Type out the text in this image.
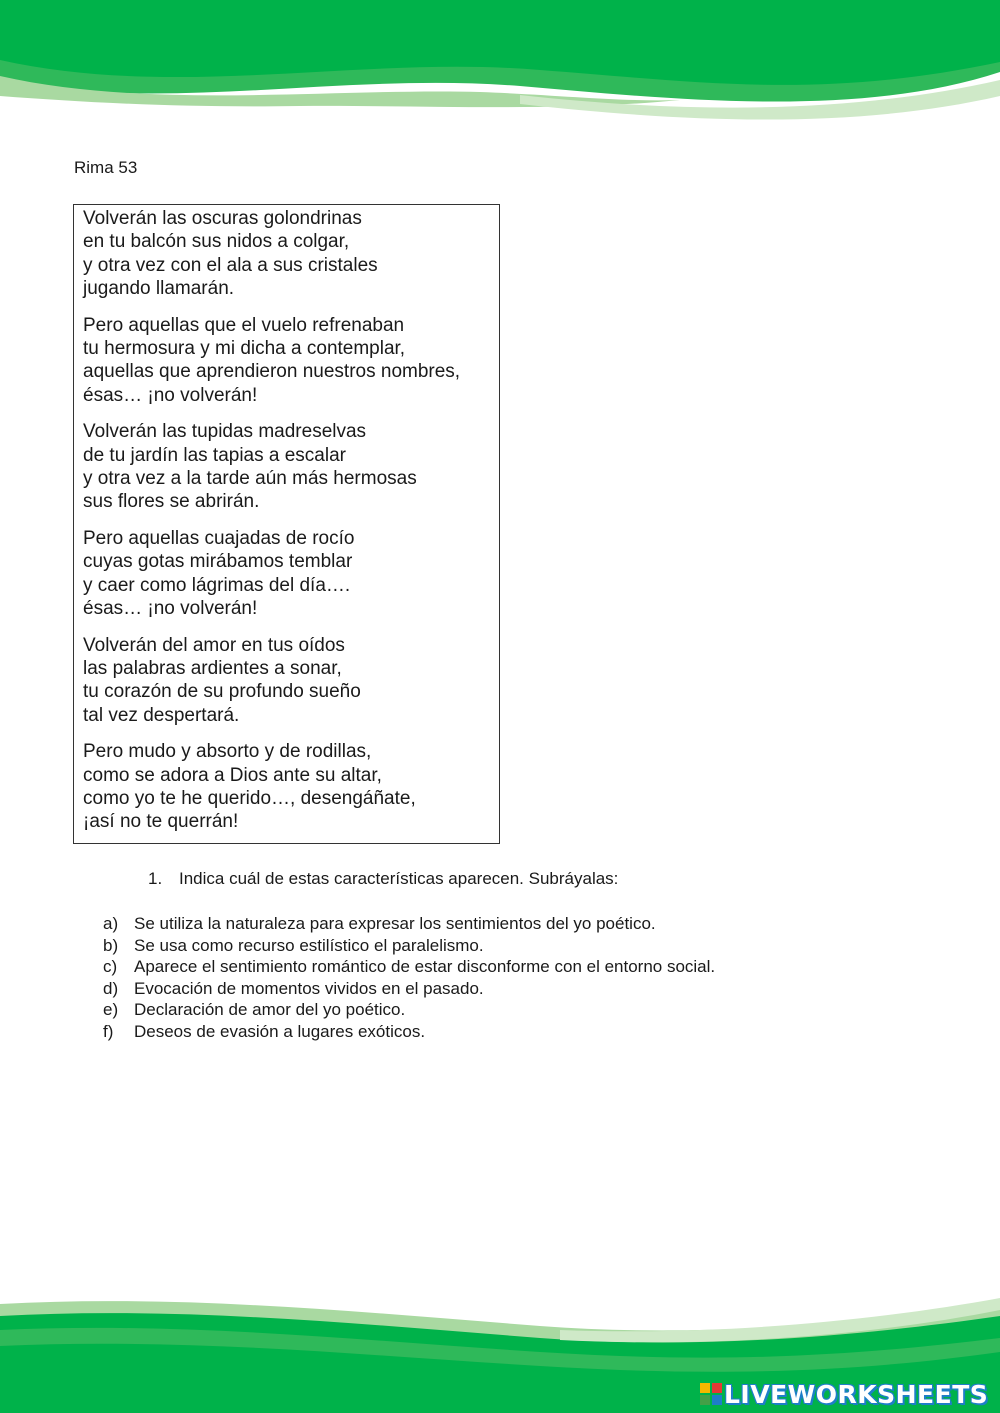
Rima 53
Volverán las oscuras golondrinas
en tu balcón sus nidos a colgar,
y otra vez con el ala a sus cristales
jugando llamarán.
Pero aquellas que el vuelo refrenaban
tu hermosura y mi dicha a contemplar,
aquellas que aprendieron nuestros nombres,
ésas… ¡no volverán!
Volverán las tupidas madreselvas
de tu jardín las tapias a escalar
y otra vez a la tarde aún más hermosas
sus flores se abrirán.
Pero aquellas cuajadas de rocío
cuyas gotas mirábamos temblar
y caer como lágrimas del día….
ésas… ¡no volverán!
Volverán del amor en tus oídos
las palabras ardientes a sonar,
tu corazón de su profundo sueño
tal vez despertará.
Pero mudo y absorto y de rodillas,
como se adora a Dios ante su altar,
como yo te he querido…, desengáñate,
¡así no te querrán!
1. Indica cuál de estas características aparecen. Subráyalas:
a) Se utiliza la naturaleza para expresar los sentimientos del yo poético.
b) Se usa como recurso estilístico el paralelismo.
c) Aparece el sentimiento romántico de estar disconforme con el entorno social.
d) Evocación de momentos vividos en el pasado.
e) Declaración de amor del yo poético.
f) Deseos de evasión a lugares exóticos.
LIVEWORKSHEETS
